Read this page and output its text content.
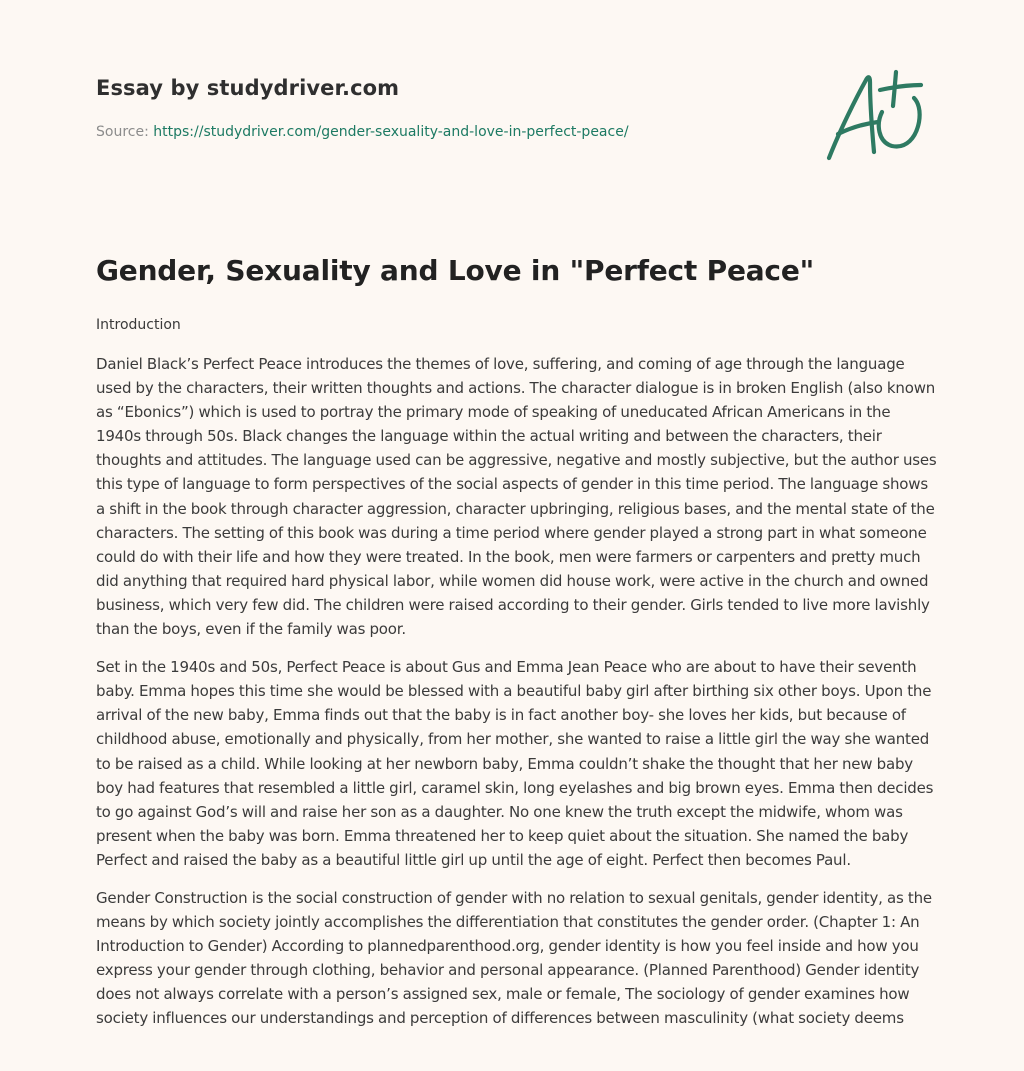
Essay by studydriver.com
Source: https://studydriver.com/gender-sexuality-and-love-in-perfect-peace/
Gender, Sexuality and Love in "Perfect Peace"
Introduction

Daniel Black’s Perfect Peace introduces the themes of love, suffering, and coming of age through the language used by the characters, their written thoughts and actions. The character dialogue is in broken English (also known as “Ebonics”) which is used to portray the primary mode of speaking of uneducated African Americans in the 1940s through 50s. Black changes the language within the actual writing and between the characters, their thoughts and attitudes. The language used can be aggressive, negative and mostly subjective, but the author uses this type of language to form perspectives of the social aspects of gender in this time period. The language shows a shift in the book through character aggression, character upbringing, religious bases, and the mental state of the characters. The setting of this book was during a time period where gender played a strong part in what someone could do with their life and how they were treated. In the book, men were farmers or carpenters and pretty much did anything that required hard physical labor, while women did house work, were active in the church and owned business, which very few did. The children were raised according to their gender. Girls tended to live more lavishly than the boys, even if the family was poor.

Set in the 1940s and 50s, Perfect Peace is about Gus and Emma Jean Peace who are about to have their seventh baby. Emma hopes this time she would be blessed with a beautiful baby girl after birthing six other boys. Upon the arrival of the new baby, Emma finds out that the baby is in fact another boy- she loves her kids, but because of childhood abuse, emotionally and physically, from her mother, she wanted to raise a little girl the way she wanted to be raised as a child. While looking at her newborn baby, Emma couldn’t shake the thought that her new baby boy had features that resembled a little girl, caramel skin, long eyelashes and big brown eyes. Emma then decides to go against God’s will and raise her son as a daughter. No one knew the truth except the midwife, whom was present when the baby was born. Emma threatened her to keep quiet about the situation. She named the baby Perfect and raised the baby as a beautiful little girl up until the age of eight. Perfect then becomes Paul.

Gender Construction is the social construction of gender with no relation to sexual genitals, gender identity, as the means by which society jointly accomplishes the differentiation that constitutes the gender order. (Chapter 1: An Introduction to Gender) According to plannedparenthood.org, gender identity is how you feel inside and how you express your gender through clothing, behavior and personal appearance. (Planned Parenthood) Gender identity does not always correlate with a person’s assigned sex, male or female, The sociology of gender examines how society influences our understandings and perception of differences between masculinity (what society deems
